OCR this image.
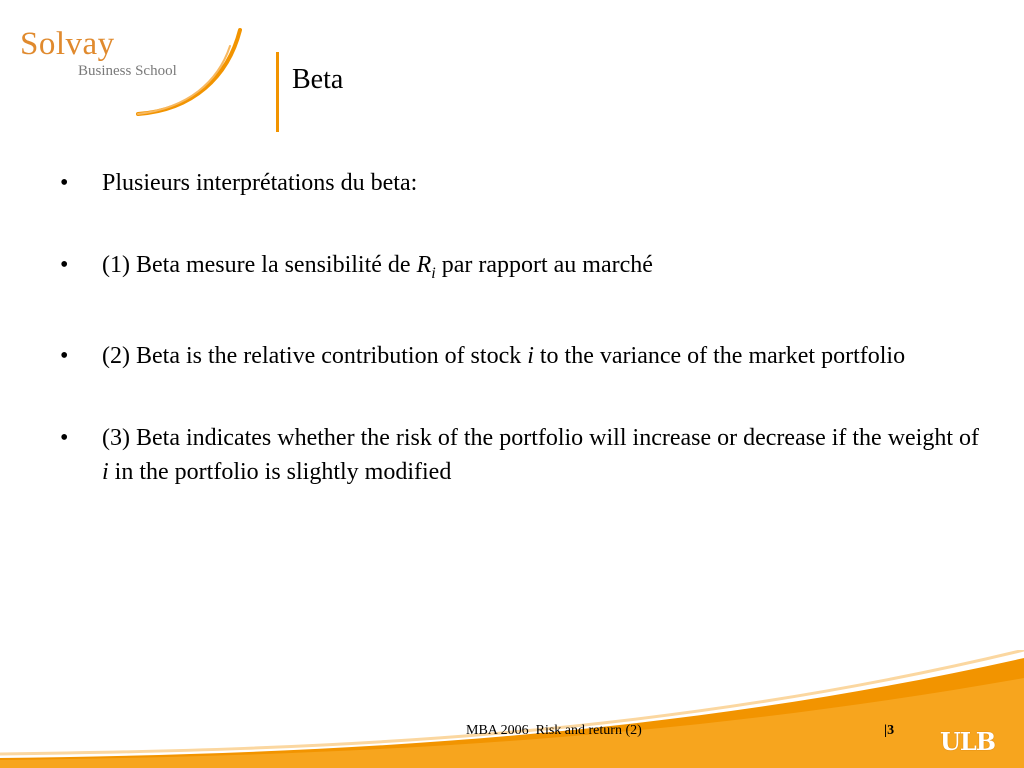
Solvay
Business School	Beta
• Plusieurs interprétations du beta:
• (1) Beta mesure la sensibilité de $R_i$ par rapport au marché
• (2) Beta is the relative contribution of stock i to the variance of the market portfolio
• (3) Beta indicates whether the risk of the portfolio will increase or decrease if the weight of i in the portfolio is slightly modified
MBA 2006  Risk and return (2)	|3 ULB
